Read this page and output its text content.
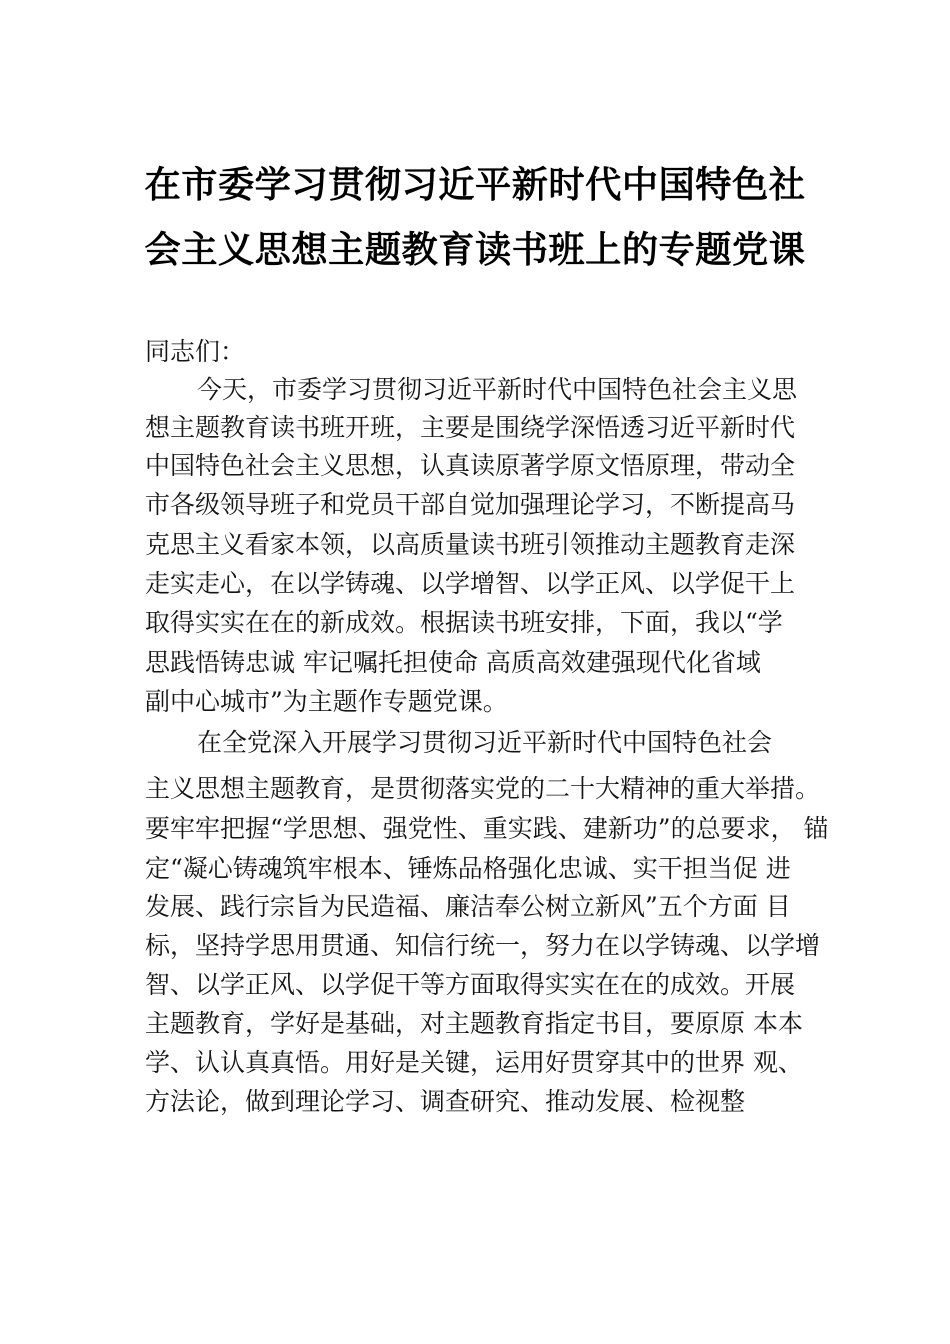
在市委学习贯彻习近平新时代中国特色社
会主义思想主题教育读书班上的专题党课
同志们：
今天，市委学习贯彻习近平新时代中国特色社会主义思
想主题教育读书班开班，主要是围绕学深悟透习近平新时代
中国特色社会主义思想，认真读原著学原文悟原理，带动全
市各级领导班子和党员干部自觉加强理论学习，不断提高马
克思主义看家本领，以高质量读书班引领推动主题教育走深
走实走心，在以学铸魂、以学增智、以学正风、以学促干上
取得实实在在的新成效。根据读书班安排，下面，我以“学
思践悟铸忠诚 牢记嘱托担使命 高质高效建强现代化省域
副中心城市”为主题作专题党课。
在全党深入开展学习贯彻习近平新时代中国特色社会
主义思想主题教育，是贯彻落实党的二十大精神的重大举措。
要牢牢把握“学思想、强党性、重实践、建新功”的总要求， 锚
定“凝心铸魂筑牢根本、锤炼品格强化忠诚、实干担当促 进
发展、践行宗旨为民造福、廉洁奉公树立新风”五个方面 目
标，坚持学思用贯通、知信行统一，努力在以学铸魂、以学增
智、以学正风、以学促干等方面取得实实在在的成效。开展
主题教育，学好是基础，对主题教育指定书目，要原原 本本
学、认认真真悟。用好是关键，运用好贯穿其中的世界 观、
方法论，做到理论学习、调查研究、推动发展、检视整
